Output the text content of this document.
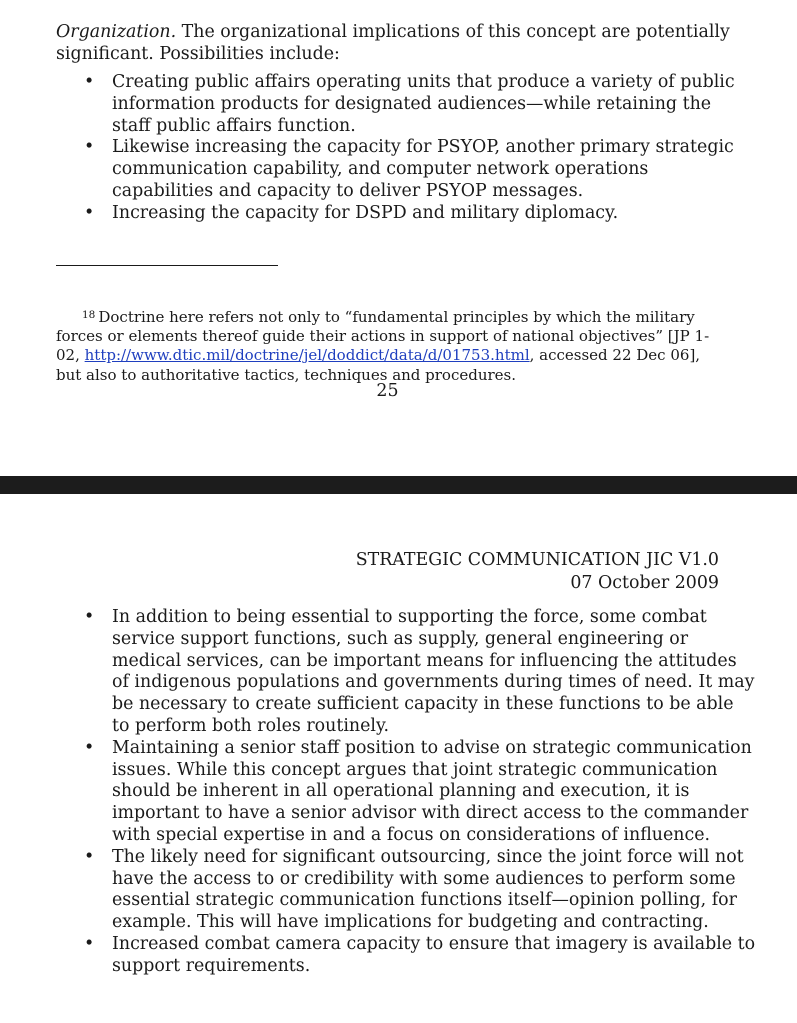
Organization. The organizational implications of this concept are potentially significant. Possibilities include:

• Creating public affairs operating units that produce a variety of public information products for designated audiences—while retaining the staff public affairs function.
• Likewise increasing the capacity for PSYOP, another primary strategic communication capability, and computer network operations capabilities and capacity to deliver PSYOP messages.
• Increasing the capacity for DSPD and military diplomacy.

$^{18}$ Doctrine here refers not only to “fundamental principles by which the military forces or elements thereof guide their actions in support of national objectives” [JP 1-02, http://www.dtic.mil/doctrine/jel/doddict/data/d/01753.html, accessed 22 Dec 06], but also to authoritative tactics, techniques and procedures.

25
STRATEGIC COMMUNICATION JIC V1.0
07 October 2009
• In addition to being essential to supporting the force, some combat service support functions, such as supply, general engineering or medical services, can be important means for influencing the attitudes of indigenous populations and governments during times of need. It may be necessary to create sufficient capacity in these functions to be able to perform both roles routinely.
• Maintaining a senior staff position to advise on strategic communication issues. While this concept argues that joint strategic communication should be inherent in all operational planning and execution, it is important to have a senior advisor with direct access to the commander with special expertise in and a focus on considerations of influence.
• The likely need for significant outsourcing, since the joint force will not have the access to or credibility with some audiences to perform some essential strategic communication functions itself—opinion polling, for example. This will have implications for budgeting and contracting.
• Increased combat camera capacity to ensure that imagery is available to support requirements.
